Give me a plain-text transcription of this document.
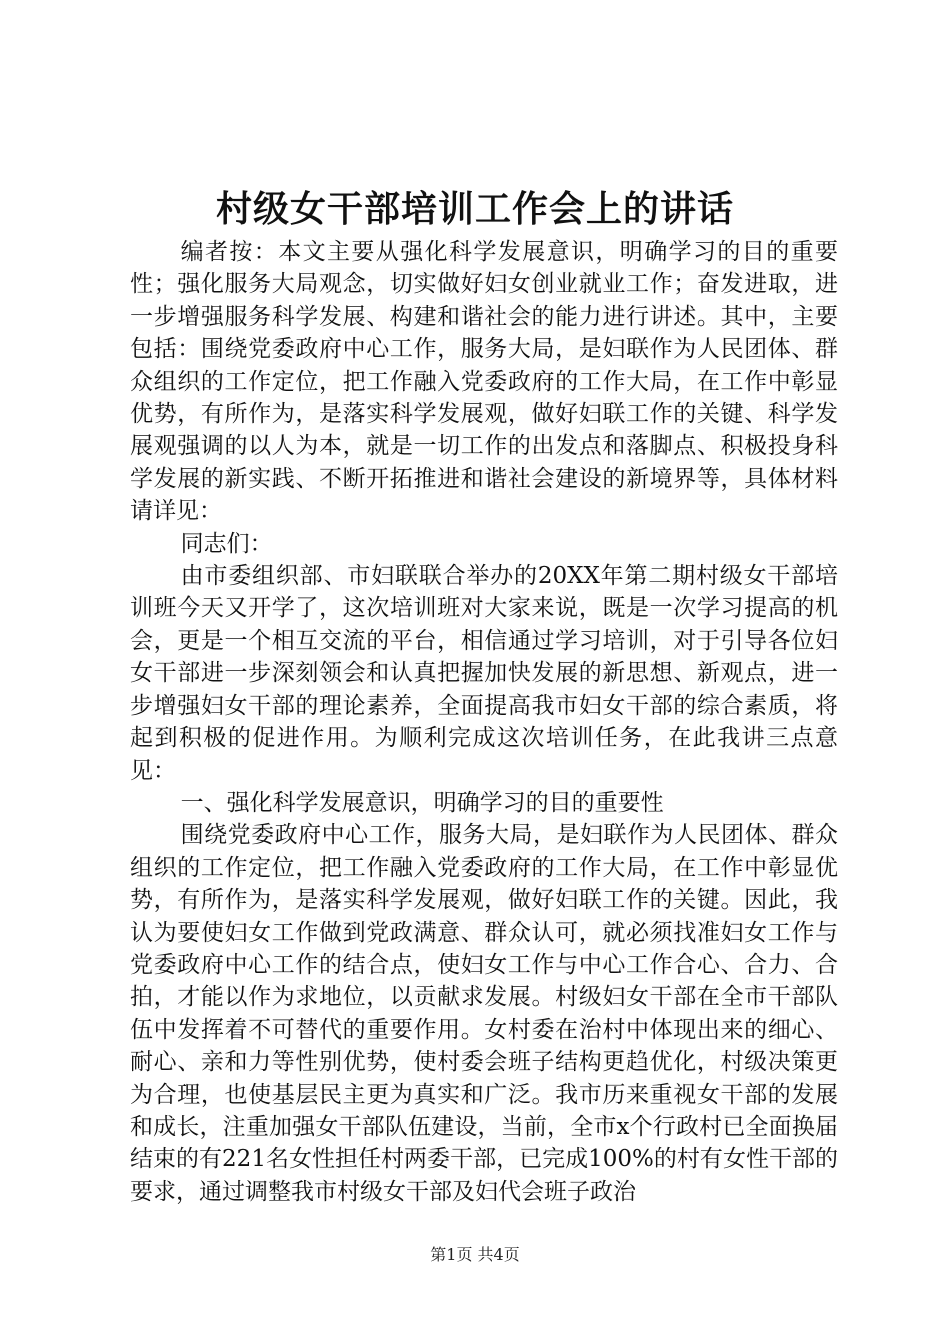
村级女干部培训工作会上的讲话

编者按：本文主要从强化科学发展意识，明确学习的目的重要性；强化服务大局观念，切实做好妇女创业就业工作；奋发进取，进一步增强服务科学发展、构建和谐社会的能力进行讲述。其中，主要包括：围绕党委政府中心工作，服务大局，是妇联作为人民团体、群众组织的工作定位，把工作融入党委政府的工作大局，在工作中彰显优势，有所作为，是落实科学发展观，做好妇联工作的关键、科学发展观强调的以人为本，就是一切工作的出发点和落脚点、积极投身科学发展的新实践、不断开拓推进和谐社会建设的新境界等，具体材料请详见：

同志们：

由市委组织部、市妇联联合举办的20XX年第二期村级女干部培训班今天又开学了，这次培训班对大家来说，既是一次学习提高的机会，更是一个相互交流的平台，相信通过学习培训，对于引导各位妇女干部进一步深刻领会和认真把握加快发展的新思想、新观点，进一步增强妇女干部的理论素养，全面提高我市妇女干部的综合素质，将起到积极的促进作用。为顺利完成这次培训任务，在此我讲三点意见：

一、强化科学发展意识，明确学习的目的重要性

围绕党委政府中心工作，服务大局，是妇联作为人民团体、群众组织的工作定位，把工作融入党委政府的工作大局，在工作中彰显优势，有所作为，是落实科学发展观，做好妇联工作的关键。因此，我认为要使妇女工作做到党政满意、群众认可，就必须找准妇女工作与党委政府中心工作的结合点，使妇女工作与中心工作合心、合力、合拍，才能以作为求地位，以贡献求发展。村级妇女干部在全市干部队伍中发挥着不可替代的重要作用。女村委在治村中体现出来的细心、耐心、亲和力等性别优势，使村委会班子结构更趋优化，村级决策更为合理，也使基层民主更为真实和广泛。我市历来重视女干部的发展和成长，注重加强女干部队伍建设，当前，全市x个行政村已全面换届结束的有221名女性担任村两委干部，已完成100%的村有女性干部的要求，通过调整我市村级女干部及妇代会班子政治

第1页 共4页
